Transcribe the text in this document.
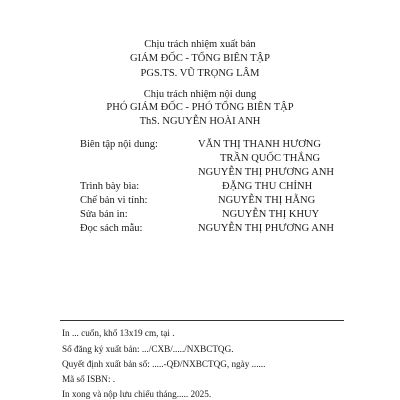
Chịu trách nhiệm xuất bản
GIÁM ĐỐC - TỔNG BIÊN TẬP
PGS.TS. VŨ TRỌNG LÂM
Chịu trách nhiệm nội dung
PHÓ GIÁM ĐỐC - PHÓ TỔNG BIÊN TẬP
ThS. NGUYỄN HOÀI ANH
Biên tập nội dung:	VĂN THỊ THANH HƯƠNG
TRẦN QUỐC THẮNG
NGUYỄN THỊ PHƯƠNG ANH
Trình bày bìa:	ĐẶNG THU CHỈNH
Chế bản vi tính:	NGUYỄN THỊ HẰNG
Sửa bản in:	NGUYỄN THỊ KHUY
Đọc sách mẫu:	NGUYỄN THỊ PHƯƠNG ANH
In ... cuốn, khổ 13x19 cm, tại .
Số đăng ký xuất bản: .../CXB/...../NXBCTQG.
Quyết định xuất bản số: .....-QĐ/NXBCTQG, ngày ......
Mã số ISBN: .
In xong và nộp lưu chiểu tháng..... 2025.
